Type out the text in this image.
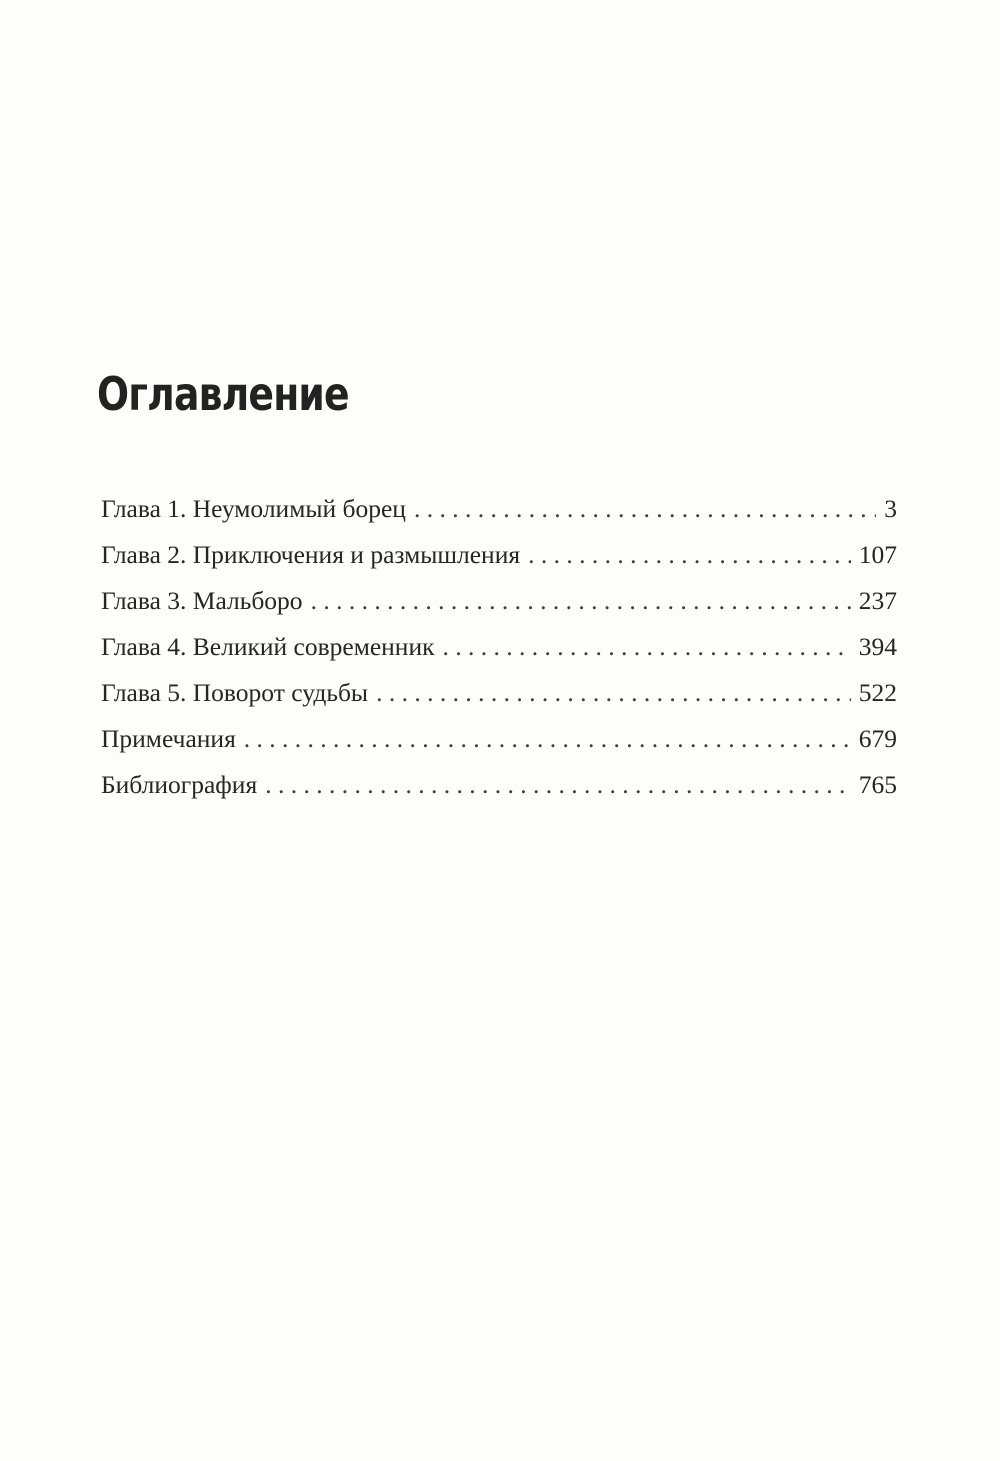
Оглавление
Глава 1. Неумолимый борец . . .	3
Глава 2. Приключения и размышления . . .	107
Глава 3. Мальборо . . .	237
Глава 4. Великий современник . . .	394
Глава 5. Поворот судьбы . . .	522
Примечания . . .	679
Библиография . . .	765
